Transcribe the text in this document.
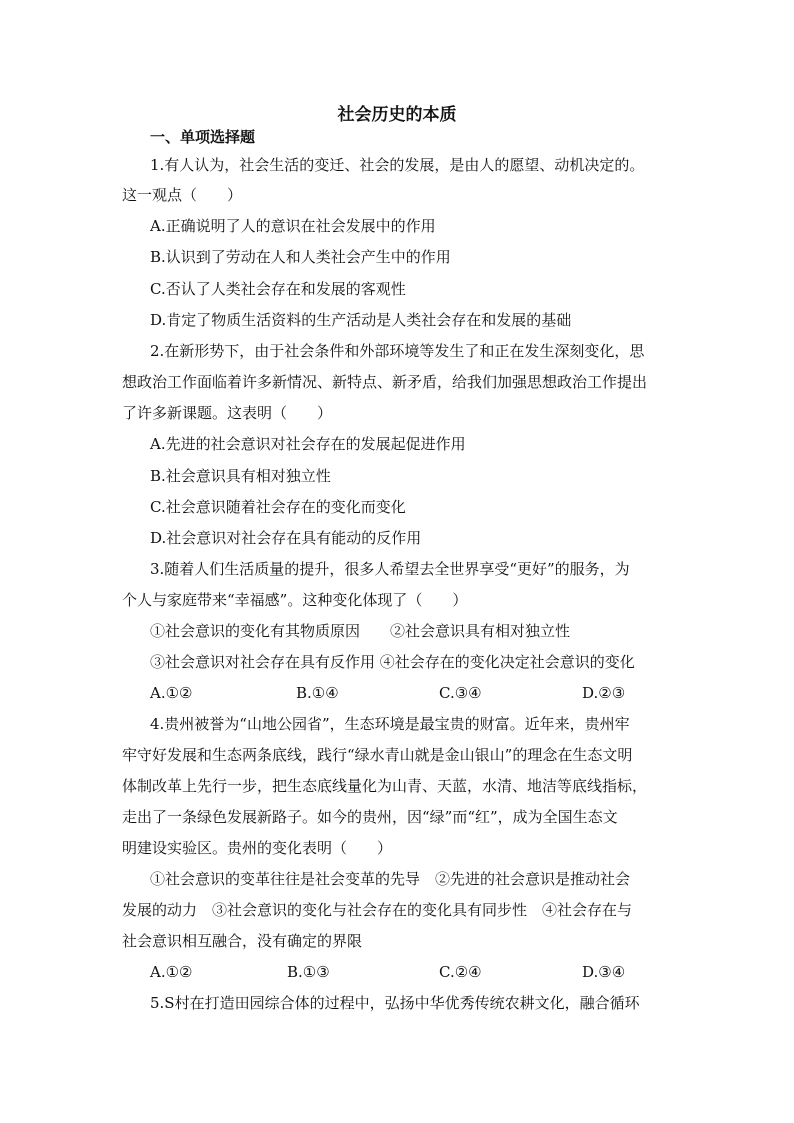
社会历史的本质
一、单项选择题
1.有人认为，社会生活的变迁、社会的发展，是由人的愿望、动机决定的。
这一观点（　　）
A.正确说明了人的意识在社会发展中的作用
B.认识到了劳动在人和人类社会产生中的作用
C.否认了人类社会存在和发展的客观性
D.肯定了物质生活资料的生产活动是人类社会存在和发展的基础
2.在新形势下，由于社会条件和外部环境等发生了和正在发生深刻变化，思
想政治工作面临着许多新情况、新特点、新矛盾，给我们加强思想政治工作提出
了许多新课题。这表明（　　）
A.先进的社会意识对社会存在的发展起促进作用
B.社会意识具有相对独立性
C.社会意识随着社会存在的变化而变化
D.社会意识对社会存在具有能动的反作用
3.随着人们生活质量的提升，很多人希望去全世界享受“更好”的服务，为
个人与家庭带来“幸福感”。这种变化体现了（　　）
①社会意识的变化有其物质原因　　②社会意识具有相对独立性
③社会意识对社会存在具有反作用 ④社会存在的变化决定社会意识的变化
A.①②	B.①④	C.③④	D.②③
4.贵州被誉为“山地公园省”，生态环境是最宝贵的财富。近年来，贵州牢
牢守好发展和生态两条底线，践行“绿水青山就是金山银山”的理念在生态文明
体制改革上先行一步，把生态底线量化为山青、天蓝，水清、地洁等底线指标，
走出了一条绿色发展新路子。如今的贵州，因“绿”而“红”，成为全国生态文
明建设实验区。贵州的变化表明（　　）
①社会意识的变革往往是社会变革的先导　②先进的社会意识是推动社会
发展的动力　③社会意识的变化与社会存在的变化具有同步性　④社会存在与
社会意识相互融合，没有确定的界限
A.①②	B.①③	C.②④	D.③④
5.S村在打造田园综合体的过程中，弘扬中华优秀传统农耕文化，融合循环
